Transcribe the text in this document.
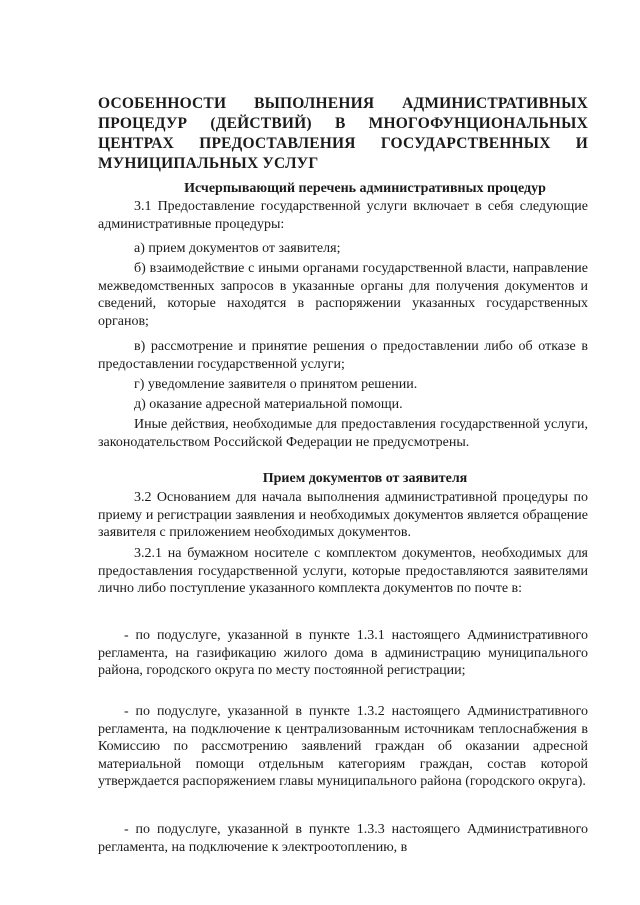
ОСОБЕННОСТИ ВЫПОЛНЕНИЯ АДМИНИСТРАТИВНЫХ ПРОЦЕДУР (ДЕЙСТВИЙ) В МНОГОФУНЦИОНАЛЬНЫХ ЦЕНТРАХ ПРЕДОСТАВЛЕНИЯ ГОСУДАРСТВЕННЫХ И МУНИЦИПАЛЬНЫХ УСЛУГ
Исчерпывающий перечень административных процедур
3.1 Предоставление государственной услуги включает в себя следующие административные процедуры:
а) прием документов от заявителя;
б) взаимодействие с иными органами государственной власти, направление межведомственных запросов в указанные органы для получения документов и сведений, которые находятся в распоряжении указанных государственных органов;
в) рассмотрение и принятие решения о предоставлении либо об отказе в предоставлении государственной услуги;
г) уведомление заявителя о принятом решении.
д) оказание адресной материальной помощи.
Иные действия, необходимые для предоставления государственной услуги, законодательством Российской Федерации не предусмотрены.
Прием документов от заявителя
3.2 Основанием для начала выполнения административной процедуры по приему и регистрации заявления и необходимых документов является обращение заявителя с приложением необходимых документов.
3.2.1 на бумажном носителе с комплектом документов, необходимых для предоставления государственной услуги, которые предоставляются заявителями лично либо поступление указанного комплекта документов по почте в:
- по подуслуге, указанной в пункте 1.3.1 настоящего Административного регламента, на газификацию жилого дома в администрацию муниципального района, городского округа по месту постоянной регистрации;
- по подуслуге, указанной в пункте 1.3.2 настоящего Административного регламента, на подключение к централизованным источникам теплоснабжения в Комиссию по рассмотрению заявлений граждан об оказании адресной материальной помощи отдельным категориям граждан, состав которой утверждается распоряжением главы муниципального района (городского округа).
- по подуслуге, указанной в пункте 1.3.3 настоящего Административного регламента, на подключение к электроотоплению, в
